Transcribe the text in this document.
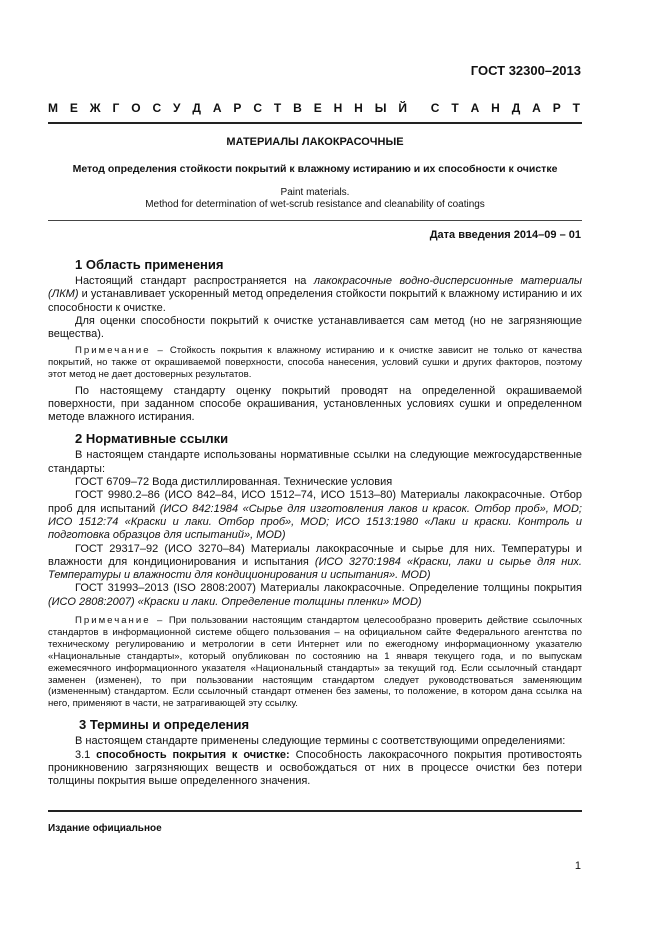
ГОСТ 32300–2013
М Е Ж Г О С У Д А Р С Т В Е Н Н Ы Й С Т А Н Д А Р Т
МАТЕРИАЛЫ ЛАКОКРАСОЧНЫЕ
Метод определения стойкости покрытий к влажному истиранию и их способности к очистке
Paint materials.
Method for determination of wet-scrub resistance and cleanability of coatings
Дата введения 2014–09 – 01
1 Область применения

Настоящий стандарт распространяется на лакокрасочные водно-дисперсионные материалы (ЛКМ) и устанавливает ускоренный метод определения стойкости покрытий к влажному истиранию и их способности к очистке.

Для оценки способности покрытий к очистке устанавливается сам метод (но не загрязняющие вещества).

Примечание – Стойкость покрытия к влажному истиранию и к очистке зависит не только от качества покрытий, но также от окрашиваемой поверхности, способа нанесения, условий сушки и других факторов, поэтому этот метод не дает достоверных результатов.

По настоящему стандарту оценку покрытий проводят на определенной окрашиваемой поверхности, при заданном способе окрашивания, установленных условиях сушки и определенном методе влажного истирания.

2 Нормативные ссылки

В настоящем стандарте использованы нормативные ссылки на следующие межгосударственные стандарты:

ГОСТ 6709–72 Вода дистиллированная. Технические условия

ГОСТ 9980.2–86 (ИСО 842–84, ИСО 1512–74, ИСО 1513–80) Материалы лакокрасочные. Отбор проб для испытаний (ИСО 842:1984 «Сырье для изготовления лаков и красок. Отбор проб», MOD; ИСО 1512:74 «Краски и лаки. Отбор проб», MOD; ИСО 1513:1980 «Лаки и краски. Контроль и подготовка образцов для испытаний», MOD)

ГОСТ 29317–92 (ИСО 3270–84) Материалы лакокрасочные и сырье для них. Температуры и влажности для кондиционирования и испытания (ИСО 3270:1984 «Краски, лаки и сырье для них. Температуры и влажности для кондиционирования и испытания». MOD)

ГОСТ 31993–2013 (ISO 2808:2007) Материалы лакокрасочные. Определение толщины покрытия (ИСО 2808:2007) «Краски и лаки. Определение толщины пленки» MOD)

Примечание – При пользовании настоящим стандартом целесообразно проверить действие ссылочных стандартов в информационной системе общего пользования – на официальном сайте Федерального агентства по техническому регулированию и метрологии в сети Интернет или по ежегодному информационному указателю «Национальные стандарты», который опубликован по состоянию на 1 января текущего года, и по выпускам ежемесячного информационного указателя «Национальный стандарты» за текущий год. Если ссылочный стандарт заменен (изменен), то при пользовании настоящим стандартом следует руководствоваться заменяющим (измененным) стандартом. Если ссылочный стандарт отменен без замены, то положение, в котором дана ссылка на него, применяют в части, не затрагивающей эту ссылку.

3 Термины и определения

В настоящем стандарте применены следующие термины с соответствующими определениями:

3.1 способность покрытия к очистке: Способность лакокрасочного покрытия противостоять проникновению загрязняющих веществ и освобождаться от них в процессе очистки без потери толщины покрытия выше определенного значения.

Издание официальное
1
